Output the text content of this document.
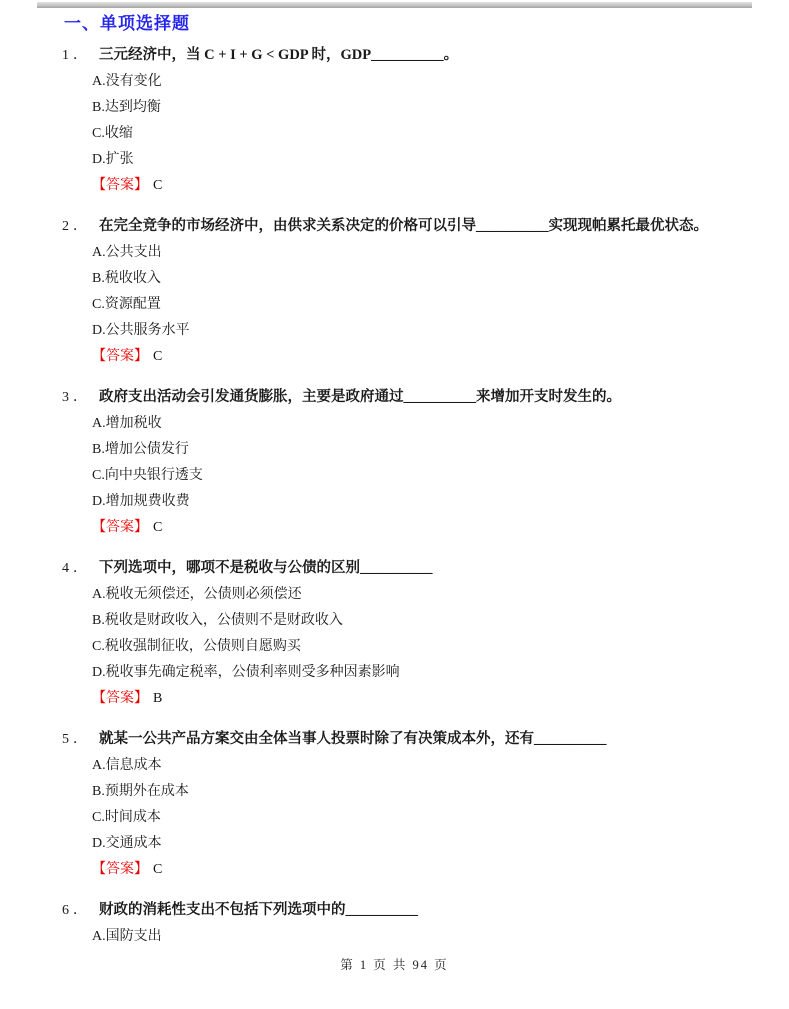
一、单项选择题
1． 三元经济中，当 C + I + G < GDP 时，GDP__________。
A.没有变化
B.达到均衡
C.收缩
D.扩张
【答案】 C
2． 在完全竞争的市场经济中，由供求关系决定的价格可以引导__________实现现帕累托最优状态。
A.公共支出
B.税收收入
C.资源配置
D.公共服务水平
【答案】 C
3． 政府支出活动会引发通货膨胀，主要是政府通过__________来增加开支时发生的。
A.增加税收
B.增加公债发行
C.向中央银行透支
D.增加规费收费
【答案】 C
4． 下列选项中，哪项不是税收与公债的区别__________
A.税收无须偿还，公债则必须偿还
B.税收是财政收入，公债则不是财政收入
C.税收强制征收，公债则自愿购买
D.税收事先确定税率，公债利率则受多种因素影响
【答案】 B
5． 就某一公共产品方案交由全体当事人投票时除了有决策成本外，还有__________
A.信息成本
B.预期外在成本
C.时间成本
D.交通成本
【答案】 C
6． 财政的消耗性支出不包括下列选项中的__________
A.国防支出
第 1 页 共 94 页
